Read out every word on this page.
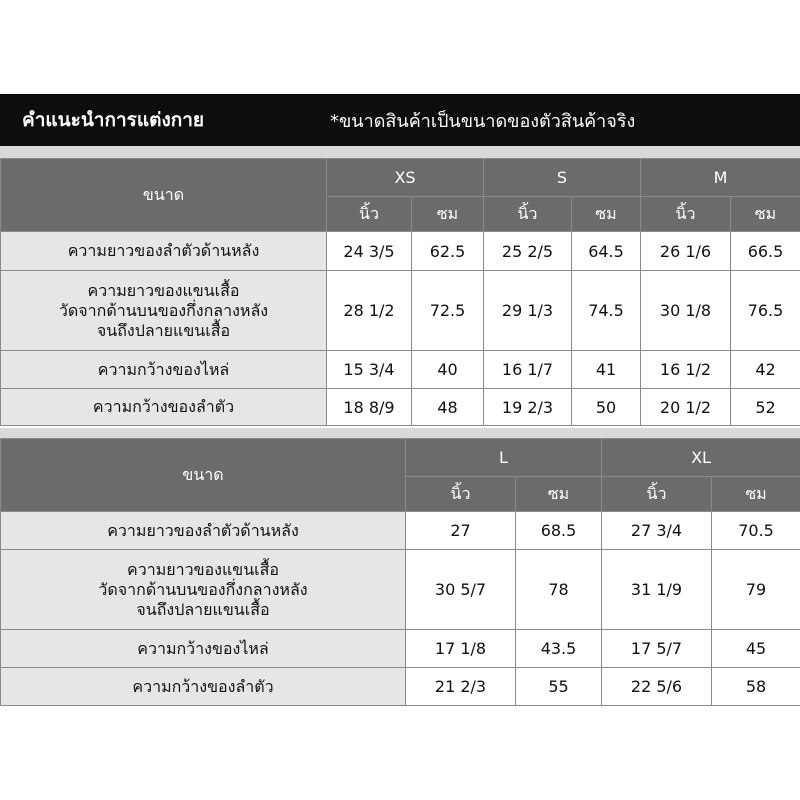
คำแนะนำการแต่งกาย	*ขนาดสินค้าเป็นขนาดของตัวสินค้าจริง
ขนาด	XS		S		M	
	นิ้ว	ซม	นิ้ว	ซม	นิ้ว	ซม
ความยาวของลำตัวด้านหลัง	24 3/5	62.5	25 2/5	64.5	26 1/6	66.5

ความยาวของแขนเสื้อ
วัดจากด้านบนของกึ่งกลางหลัง
จนถึงปลายแขนเสื้อ	28 1/2	72.5	29 1/3	74.5	30 1/8	76.5
ความกว้างของไหล่	15 3/4	40	16 1/7	41	16 1/2	42
ความกว้างของลำตัว	18 8/9	48	19 2/3	50	20 1/2	52
ขนาด	L		XL	
	นิ้ว	ซม	นิ้ว	ซม
ความยาวของลำตัวด้านหลัง	27	68.5	27 3/4	70.5

ความยาวของแขนเสื้อ
วัดจากด้านบนของกึ่งกลางหลัง
จนถึงปลายแขนเสื้อ	30 5/7	78	31 1/9	79
ความกว้างของไหล่	17 1/8	43.5	17 5/7	45
ความกว้างของลำตัว	21 2/3	55	22 5/6	58
